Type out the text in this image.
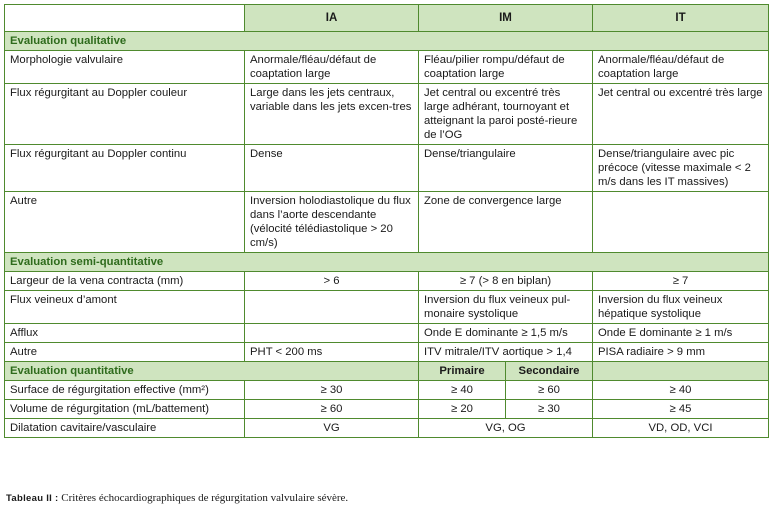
	IA	IM		IT
Evaluation qualitative				
Morphologie valvulaire	Anormale/fléau/défaut de coaptation large	Fléau/pilier rompu/défaut de coaptation large		Anormale/fléau/défaut de coaptation large
Flux régurgitant au Doppler couleur	Large dans les jets centraux, variable dans les jets excen-tres	Jet central ou excentré très large adhérant, tournoyant et atteignant la paroi posté-rieure de l’OG		Jet central ou excentré très large
Flux régurgitant au Doppler continu	Dense	Dense/triangulaire		Dense/triangulaire avec pic précoce (vitesse maximale < 2 m/s dans les IT massives)
Autre	Inversion holodiastolique du flux dans l’aorte descendante (vélocité télédiastolique > 20 cm/s)	Zone de convergence large		
Evaluation semi-quantitative				
Largeur de la vena contracta (mm)	> 6	≥ 7 (> 8 en biplan)		≥ 7
Flux veineux d’amont		Inversion du flux veineux pul-monaire systolique		Inversion du flux veineux hépatique systolique
Afflux		Onde E dominante ≥ 1,5 m/s		Onde E dominante ≥ 1 m/s
Autre	PHT < 200 ms	ITV mitrale/ITV aortique > 1,4		PISA radiaire > 9 mm
Evaluation quantitative		Primaire	Secondaire	
Surface de régurgitation effective (mm²)	≥ 30	≥ 40	≥ 60	≥ 40
Volume de régurgitation (mL/battement)	≥ 60	≥ 20	≥ 30	≥ 45
Dilatation cavitaire/vasculaire	VG	VG, OG		VD, OD, VCI
Tableau II : Critères échocardiographiques de régurgitation valvulaire sévère.
